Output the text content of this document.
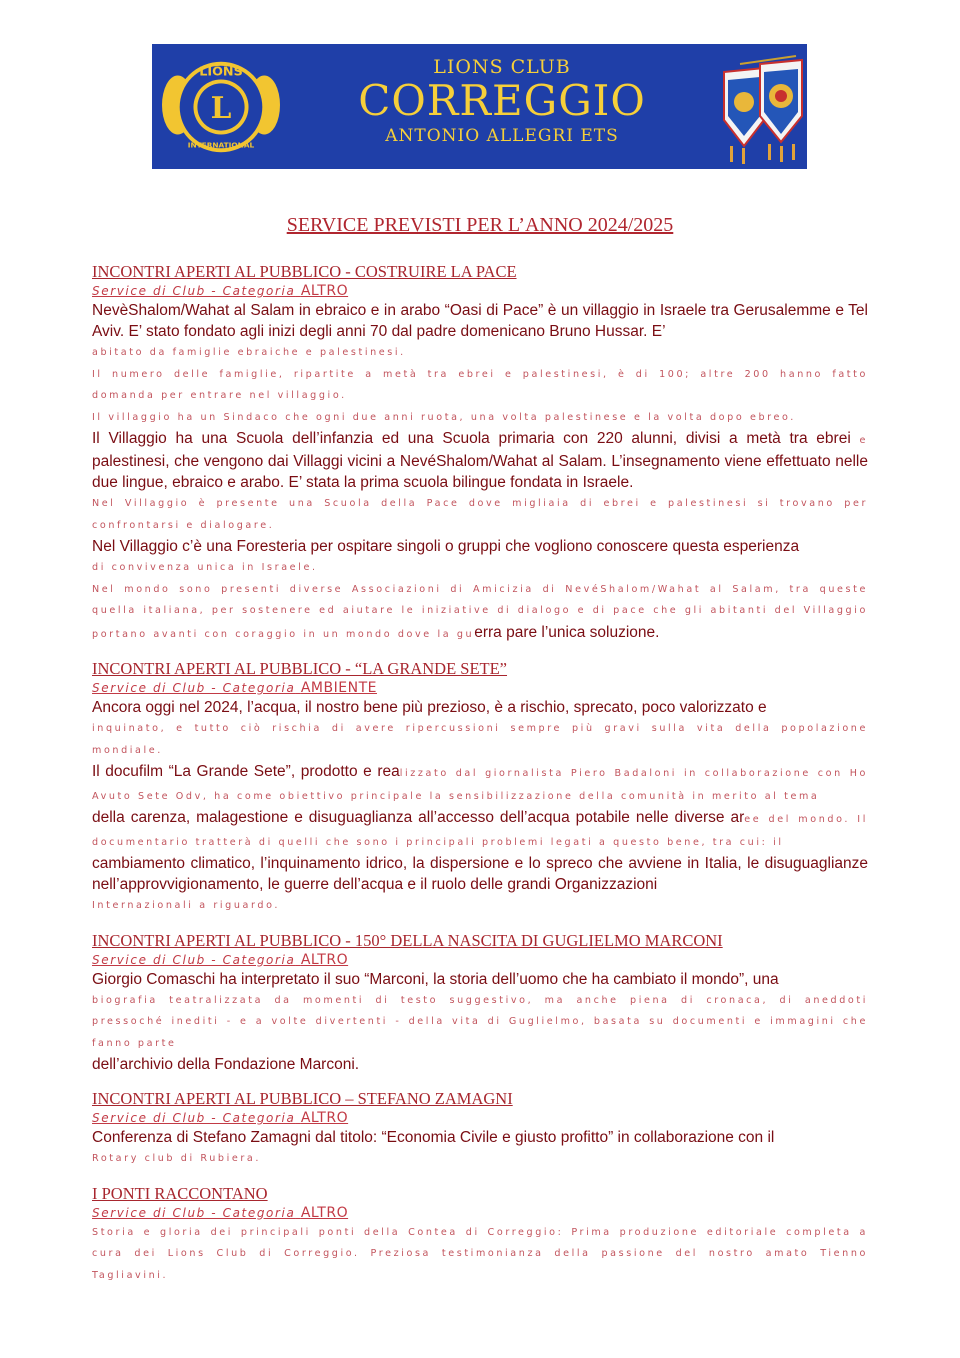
LIONS
L
INTERNATIONAL
LIONS CLUB
CORREGGIO
ANTONIO ALLEGRI ETS
SERVICE PREVISTI PER L’ANNO 2024/2025
INCONTRI APERTI AL PUBBLICO - COSTRUIRE LA PACE
Service di Club - Categoria ALTRO

NevèShalom/Wahat al Salam in ebraico e in arabo “Oasi di Pace” è un villaggio in Israele tra Gerusalemme e Tel Aviv. E’ stato fondato agli inizi degli anni 70 dal padre domenicano Bruno Hussar. E’

abitato da famiglie ebraiche e palestinesi.

Il numero delle famiglie, ripartite a metà tra ebrei e palestinesi, è di 100; altre 200 hanno fatto domanda per entrare nel villaggio.

Il villaggio ha un Sindaco che ogni due anni ruota, una volta palestinese e la volta dopo ebreo.

Il Villaggio ha una Scuola dell’infanzia ed una Scuola primaria con 220 alunni, divisi a metà tra ebrei e palestinesi, che vengono dai Villaggi vicini a NevéShalom/Wahat al Salam. L’insegnamento viene effettuato nelle due lingue, ebraico e arabo. E’ stata la prima scuola bilingue fondata in Israele.

Nel Villaggio è presente una Scuola della Pace dove migliaia di ebrei e palestinesi si trovano per confrontarsi e dialogare.

Nel Villaggio c’è una Foresteria per ospitare singoli o gruppi che vogliono conoscere questa esperienza

di convivenza unica in Israele.

Nel mondo sono presenti diverse Associazioni di Amicizia di NevéShalom/Wahat al Salam, tra queste quella italiana, per sostenere ed aiutare le iniziative di dialogo e di pace che gli abitanti del Villaggio portano avanti con coraggio in un mondo dove la guerra pare l’unica soluzione.

INCONTRI APERTI AL PUBBLICO - “LA GRANDE SETE”
Service di Club - Categoria AMBIENTE

Ancora oggi nel 2024, l’acqua, il nostro bene più prezioso, è a rischio, sprecato, poco valorizzato e

inquinato, e tutto ciò rischia di avere ripercussioni sempre più gravi sulla vita della popolazione mondiale.

Il docufilm “La Grande Sete”, prodotto e realizzato dal giornalista Piero Badaloni in collaborazione con Ho Avuto Sete Odv, ha come obiettivo principale la sensibilizzazione della comunità in merito al tema

della carenza, malagestione e disuguaglianza all’accesso dell’acqua potabile nelle diverse aree del mondo. Il documentario tratterà di quelli che sono i principali problemi legati a questo bene, tra cui: il

cambiamento climatico, l’inquinamento idrico, la dispersione e lo spreco che avviene in Italia, le disuguaglianze nell’approvvigionamento, le guerre dell’acqua e il ruolo delle grandi Organizzazioni

Internazionali a riguardo.

INCONTRI APERTI AL PUBBLICO - 150° DELLA NASCITA DI GUGLIELMO MARCONI
Service di Club - Categoria ALTRO

Giorgio Comaschi ha interpretato il suo “Marconi, la storia dell’uomo che ha cambiato il mondo”, una

biografia teatralizzata da momenti di testo suggestivo, ma anche piena di cronaca, di aneddoti pressoché inediti - e a volte divertenti - della vita di Guglielmo, basata su documenti e immagini che fanno parte

dell’archivio della Fondazione Marconi.

INCONTRI APERTI AL PUBBLICO – STEFANO ZAMAGNI
Service di Club - Categoria ALTRO

Conferenza di Stefano Zamagni dal titolo: “Economia Civile e giusto profitto” in collaborazione con il

Rotary club di Rubiera.

I PONTI RACCONTANO
Service di Club - Categoria ALTRO

Storia e gloria dei principali ponti della Contea di Correggio: Prima produzione editoriale completa a cura dei Lions Club di Correggio. Preziosa testimonianza della passione del nostro amato Tienno Tagliavini.
